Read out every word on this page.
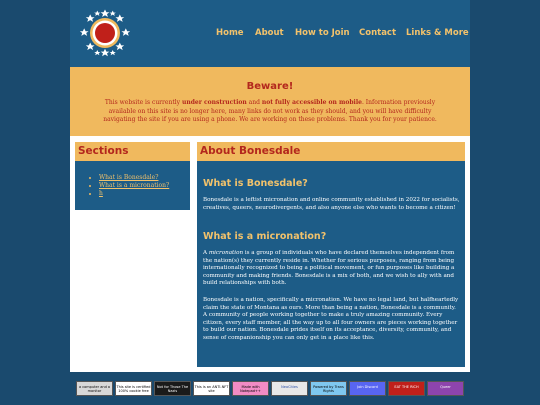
Home About How to Join Contact Links & More
Beware!

This website is currently under construction and not fully accessible on mobile. Information previously available on this site is no longer here, many links do not work as they should, and you will have difficulty navigating the site if you are using a phone. We are working on these problems. Thank you for your patience.

Sections
• What is Bonesdale?
• What is a micronation?
• h
About Bonesdale
What is Bonesdale?

Bonesdale is a leftist micronation and online community established in 2022 for socialists, creatives, queers, neurodivergents, and also anyone else who wants to become a citizen!

What is a micronation?

A micronation is a group of individuals who have declared themselves independent from the nation(s) they currently reside in. Whether for serious purposes, ranging from being internationally recognized to being a political movement, or fun purposes like building a community and making friends. Bonesdale is a mix of both, and we wish to ally with and build relationships with both.

Bonesdale is a nation, specifically a micronation. We have no legal land, but halfheartedly claim the state of Montana as ours. More than being a nation, Bonesdale is a community. A community of people working together to make a truly amazing community. Every citizen, every staff member, all the way up to all four owners are pieces working together to build our nation. Bonesdale prides itself on its acceptance, diversity, community, and sense of companionship you can only get in a place like this.

a computer and a monitor
This site is certified 100% cookie free
Not for Those The Nazis
This is an ANTI-NFT site
Made with Notepad++
NeoCities	Powered by Trans Rights
Join Discord	EAT THE RICH	Queer
